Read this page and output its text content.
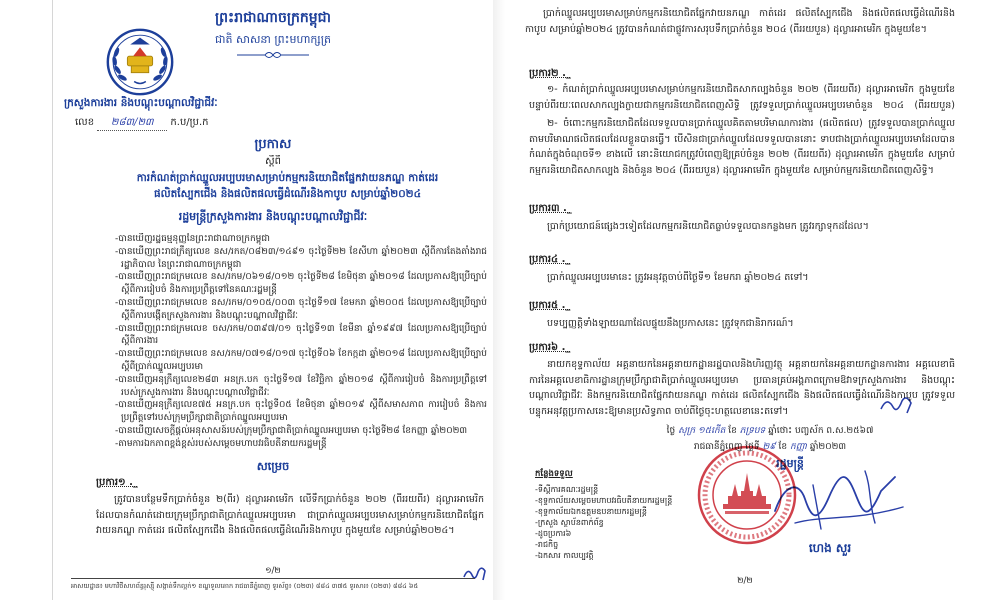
ព្រះរាជាណាចក្រកម្ពុជា
ជាតិ សាសនា ព្រះមហាក្សត្រ
ក្រសួងការងារ និងបណ្តុះបណ្តាលវិជ្ជាជីវៈ
លេខ ២៨៣/២៣ ក.ប/ប្រ.ក
ប្រកាស
ស្តីពី
ការកំណត់ប្រាក់ឈ្នួលអប្បបរមាសម្រាប់កម្មករនិយោជិតផ្នែកវាយនភណ្ឌ កាត់ដេរ
ផលិតស្បែកជើង និងផលិតផលធ្វើដំណើរនិងកាបូប សម្រាប់ឆ្នាំ២០២៤
រដ្ឋមន្ត្រីក្រសួងការងារ និងបណ្តុះបណ្តាលវិជ្ជាជីវៈ
-បានឃើញរដ្ឋធម្មនុញ្ញនៃព្រះរាជាណាចក្រកម្ពុជា
-បានឃើញព្រះរាជក្រឹត្យលេខ នស/រកត/០៨២៣/១៤៩១ ចុះថ្ងៃទី២២ ខែសីហា ឆ្នាំ២០២៣ ស្តីពីការតែងតាំងរាជរដ្ឋាភិបាល នៃព្រះរាជាណាចក្រកម្ពុជា
-បានឃើញព្រះរាជក្រមលេខ នស/រកម/០៦១៨/០១២ ចុះថ្ងៃទី២៨ ខែមិថុនា ឆ្នាំ២០១៨ ដែលប្រកាសឱ្យប្រើច្បាប់ស្តីពីការរៀបចំ និងការប្រព្រឹត្តទៅនៃគណៈរដ្ឋមន្ត្រី
-បានឃើញព្រះរាជក្រមលេខ នស/រកម/០១០៥/០០៣ ចុះថ្ងៃទី១៧ ខែមករា ឆ្នាំ២០០៥ ដែលប្រកាសឱ្យប្រើច្បាប់ស្តីពីការបង្កើតក្រសួងការងារ និងបណ្តុះបណ្តាលវិជ្ជាជីវៈ
-បានឃើញព្រះរាជក្រមលេខ ចស/រកម/០៣៩៧/០១ ចុះថ្ងៃទី១៣ ខែមីនា ឆ្នាំ១៩៩៧ ដែលប្រកាសឱ្យប្រើច្បាប់ស្តីពីការងារ
-បានឃើញព្រះរាជក្រមលេខ នស/រកម/០៧១៨/០១៧ ចុះថ្ងៃទី០៦ ខែកក្កដា ឆ្នាំ២០១៨ ដែលប្រកាសឱ្យប្រើច្បាប់ស្តីពីប្រាក់ឈ្នួលអប្បបរមា
-បានឃើញអនុក្រឹត្យលេខ២៨៣ អនក្រ.បក ចុះថ្ងៃទី១៧ ខែវិច្ឆិកា ឆ្នាំ២០១៨ ស្តីពីការរៀបចំ និងការប្រព្រឹត្តទៅរបស់ក្រសួងការងារ និងបណ្តុះបណ្តាលវិជ្ជាជីវៈ
-បានឃើញអនុក្រឹត្យលេខ៧៥ អនក្រ.បក ចុះថ្ងៃទី០៥ ខែមិថុនា ឆ្នាំ២០១៩ ស្តីពីសមាសភាព ការរៀបចំ និងការប្រព្រឹត្តទៅរបស់ក្រុមប្រឹក្សាជាតិប្រាក់ឈ្នួលអប្បបរមា
-បានឃើញសេចក្តីផ្តល់អនុសាសន៍របស់ក្រុមប្រឹក្សាជាតិប្រាក់ឈ្នួលអប្បបរមា ចុះថ្ងៃទី២៨ ខែកញ្ញា ឆ្នាំ២០២៣
-តាមការឯកភាពខ្ពង់ខ្ពស់របស់សម្តេចមហាបវរធិបតីនាយករដ្ឋមន្ត្រី
សម្រេច
ប្រការ១ ._
ត្រូវបានបន្ថែមទឹកប្រាក់ចំនួន ២(ពីរ) ដុល្លារអាមេរិក លើទឹកប្រាក់ចំនួន ២០២ (ពីររយពីរ) ដុល្លារអាមេរិក ដែលបានកំណត់ដោយក្រុមប្រឹក្សាជាតិប្រាក់ឈ្នួលអប្បបរមា ជាប្រាក់ឈ្នួលអប្បបរមាសម្រាប់កម្មករនិយោជិតផ្នែកវាយនភណ្ឌ កាត់ដេរ ផលិតស្បែកជើង និងផលិតផលធ្វើដំណើរនិងកាបូប ក្នុងមួយខែ សម្រាប់ឆ្នាំ២០២៤។
១/២
អាសយដ្ឋាន៖ មហាវិថីសហព័ន្ធរុស្ស៊ី សង្កាត់ទឹកល្អក់១ ខណ្ឌទួលគោក រាជធានីភ្នំពេញ ទូរស័ព្ទ៖ (០២៣) ៨៨៤ ៣៧៥ ទូរសារ៖ (០២៣) ៨៨៤ ៦៥
ប្រាក់ឈ្នួលអប្បបរមាសម្រាប់កម្មករនិយោជិតផ្នែកវាយនភណ្ឌ កាត់ដេរ ផលិតស្បែកជើង និងផលិតផលធ្វើដំណើរនិងកាបូប សម្រាប់ឆ្នាំ២០២៤ ត្រូវបានកំណត់ជាផ្លូវការសរុបទឹកប្រាក់ចំនួន ២០៤ (ពីររយបួន) ដុល្លារអាមេរិក ក្នុងមួយខែ។
ប្រការ២ ._
១- កំណត់ប្រាក់ឈ្នួលអប្បបរមាសម្រាប់កម្មករនិយោជិតសាកល្បងចំនួន ២០២ (ពីររយពីរ) ដុល្លារអាមេរិក ក្នុងមួយខែ បន្ទាប់ពីរយៈពេលសាកល្បងក្លាយជាកម្មករនិយោជិតពេញសិទ្ធិ ត្រូវទទួលប្រាក់ឈ្នួលអប្បបរមាចំនួន ២០៤ (ពីររយបួន)
២- ចំពោះកម្មករនិយោជិតដែលទទួលបានប្រាក់ឈ្នួលគិតតាមបរិមាណការងារ (ផលិតផល) ត្រូវទទួលបានប្រាក់ឈ្នួលតាមបរិមាណផលិតផលដែលខ្លួនបានធ្វើ។ បើសិនជាប្រាក់ឈ្នួលដែលទទួលបាននោះ ទាបជាងប្រាក់ឈ្នួលអប្បបរមាដែលបានកំណត់ក្នុងចំណុចទី១ ខាងលើ នោះនិយោជកត្រូវបំពេញឱ្យគ្រប់ចំនួន ២០២ (ពីររយពីរ) ដុល្លារអាមេរិក ក្នុងមួយខែ សម្រាប់កម្មករនិយោជិតសាកល្បង និងចំនួន ២០៤ (ពីររយបួន) ដុល្លារអាមេរិក ក្នុងមួយខែ សម្រាប់កម្មករនិយោជិតពេញសិទ្ធិ។
ប្រការ៣ ._
ប្រាក់ប្រយោជន៍ផ្សេងៗទៀតដែលកម្មករនិយោជិតធ្លាប់ទទួលបានកន្លងមក ត្រូវរក្សាទុកដដែល។
ប្រការ៤ ._
ប្រាក់ឈ្នួលអប្បបរមានេះ ត្រូវអនុវត្តចាប់ពីថ្ងៃទី១ ខែមករា ឆ្នាំ២០២៤ តទៅ។
ប្រការ៥ ._
បទប្បញ្ញត្តិទាំងឡាយណាដែលផ្ទុយនឹងប្រកាសនេះ ត្រូវទុកជានិរាករណ៍។
ប្រការ៦ ._
នាយកខុទ្ទកាល័យ អគ្គនាយកនៃអគ្គនាយកដ្ឋានរដ្ឋបាលនិងហិរញ្ញវត្ថុ អគ្គនាយកនៃអគ្គនាយកដ្ឋានការងារ អគ្គលេខាធិការនៃអគ្គលេខាធិការដ្ឋានក្រុមប្រឹក្សាជាតិប្រាក់ឈ្នួលអប្បបរមា ប្រធានគ្រប់អង្គភាពក្រោមឱវាទក្រសួងការងារ និងបណ្តុះបណ្តាលវិជ្ជាជីវៈ និងកម្មករនិយោជិតផ្នែកវាយនភណ្ឌ កាត់ដេរ ផលិតស្បែកជើង និងផលិតផលធ្វើដំណើរនិងកាបូប ត្រូវទទួលបន្ទុកអនុវត្តប្រកាសនេះឱ្យមានប្រសិទ្ធភាព ចាប់ពីថ្ងៃចុះហត្ថលេខានេះតទៅ។
ថ្ងៃ សុក្រ ១៥កើត ខែ ភទ្របទ ឆ្នាំថោះ បញ្ចស័ក ព.ស.២៥៦៧
រាជធានីភ្នំពេញ ថ្ងៃទី ២៩ ខែ កញ្ញា ឆ្នាំ២០២៣
រដ្ឋមន្ត្រី
ហេង សួរ
កន្លែងទទួល
-ទីស្តីការគណៈរដ្ឋមន្ត្រី
-ខុទ្ទកាល័យសម្តេចមហាបវរធិបតីនាយករដ្ឋមន្ត្រី
-ខុទ្ទកាល័យឯកឧត្តមឧបនាយករដ្ឋមន្ត្រី
-ក្រសួង ស្ថាប័នពាក់ព័ន្ធ
-ដូចប្រការ៦
-រាជកិច្ច
-ឯកសារ កាលប្បវត្តិ
២/២
